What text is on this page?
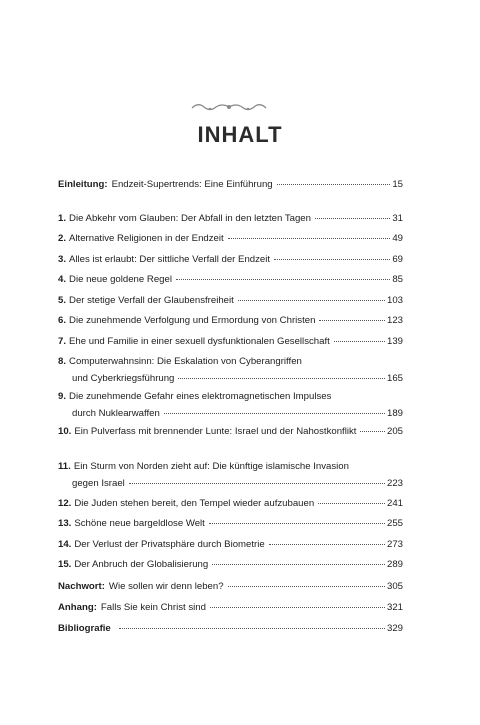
INHALT
Einleitung: Endzeit-Supertrends: Eine Einführung	15
1. Die Abkehr vom Glauben: Der Abfall in den letzten Tagen	31
2. Alternative Religionen in der Endzeit	49
3. Alles ist erlaubt: Der sittliche Verfall der Endzeit	69
4. Die neue goldene Regel	85
5. Der stetige Verfall der Glaubensfreiheit	103
6. Die zunehmende Verfolgung und Ermordung von Christen	123
7. Ehe und Familie in einer sexuell dysfunktionalen Gesellschaft	139
8. Computerwahnsinn: Die Eskalation von Cyberangriffen
und Cyberkriegsführung	165
9. Die zunehmende Gefahr eines elektromagnetischen Impulses
durch Nuklearwaffen	189
10. Ein Pulverfass mit brennender Lunte: Israel und der Nahostkonflikt	205
11. Ein Sturm von Norden zieht auf: Die künftige islamische Invasion
gegen Israel	223
12. Die Juden stehen bereit, den Tempel wieder aufzubauen	241
13. Schöne neue bargeldlose Welt	255
14. Der Verlust der Privatsphäre durch Biometrie	273
15. Der Anbruch der Globalisierung	289
Nachwort: Wie sollen wir denn leben?	305
Anhang: Falls Sie kein Christ sind	321
Bibliografie	329
